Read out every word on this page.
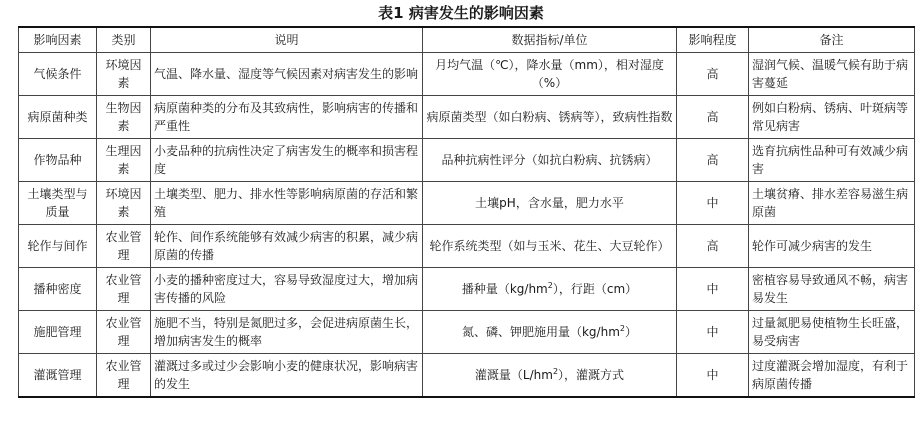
表1 病害发生的影响因素
影响因素	类别	说明	数据指标/单位	影响程度	备注
气候条件	环境因素	气温、降水量、湿度等气候因素对病害发生的影响	月均气温（℃），降水量（mm），相对湿度（%）	高	湿润气候、温暖气候有助于病害蔓延
病原菌种类	生物因素	病原菌种类的分布及其致病性，影响病害的传播和严重性	病原菌类型（如白粉病、锈病等），致病性指数	高	例如白粉病、锈病、叶斑病等常见病害
作物品种	生理因素	小麦品种的抗病性决定了病害发生的概率和损害程度	品种抗病性评分（如抗白粉病、抗锈病）	高	选育抗病性品种可有效减少病害
土壤类型与质量	环境因素	土壤类型、肥力、排水性等影响病原菌的存活和繁殖	土壤pH，含水量，肥力水平	中	土壤贫瘠、排水差容易滋生病原菌
轮作与间作	农业管理	轮作、间作系统能够有效减少病害的积累，减少病原菌的传播	轮作系统类型（如与玉米、花生、大豆轮作）	高	轮作可减少病害的发生
播种密度	农业管理	小麦的播种密度过大，容易导致湿度过大，增加病害传播的风险	播种量$(kg/hm^2)$，行距（cm）	中	密植容易导致通风不畅，病害易发生
施肥管理	农业管理	施肥不当，特别是氮肥过多，会促进病原菌生长，增加病害发生的概率	氮、磷、钾肥施用量$(kg/hm^2)$	中	过量氮肥易使植物生长旺盛，易受病害
灌溉管理	农业管理	灌溉过多或过少会影响小麦的健康状况，影响病害的发生	灌溉量$(L/hm^2)$，灌溉方式	中	过度灌溉会增加湿度，有利于病原菌传播
